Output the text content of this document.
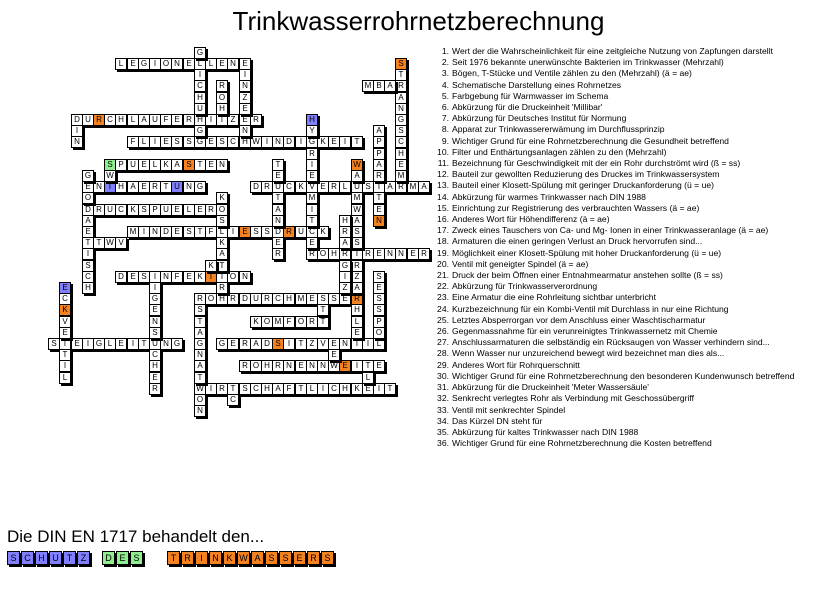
Trinkwasserrohrnetzberechnung
L E G I O N E L L E N
D U R C H L A U F E R H I T Z E R
F L I E S S G E S C H W I N D I G K E I	T
S P U E L K A S T E N
E N T H A E R T U N G	D R U C K V E R L U S T A R M A
D R U C K S P U E L E R
M I N D E S T F L I	E S S D R U C K
R O H R T R E N N E R
D E S I N F E K T I O N
R O H R D U R C H M E S S E R
K O M F O R T
S T E I G L E	I T U N G	G E R A D S I	T Z V E N T I L
R O H R N E N N W E	I T E
W I R T S C H A F T L I C H K E I T
G
I
C
H
U
G
E
I
N
Z
E
N
R
O
H
H
Y
S
T
R
A
N
G
S
C
H
E
M
M B A
A
P
P
A
R
T
E
N
W
A
M
W
A
S
S
R
Z
A
H
L
E
I
N
G
O
A
E
T
I
S
C
H
W
T W V
E
C
K
V
E
T
I
L
I
G
E
N
S
C
H
E
R
S
T
A
G
N
A
T
O
N
K
O
S
K
A
T
R
K
C
T
E
T
A
N
E
R
R
I
E
M
I
T
E
T
H
R
A
G
I
Z
E
L
S
E
S
S
P
O
1. Wert der die Wahrscheinlichkeit für eine zeitgleiche Nutzung von Zapfungen darstellt
2. Seit 1976 bekannte unerwünschte Bakterien im Trinkwasser (Mehrzahl)
3. Bögen, T-Stücke und Ventile zählen zu den (Mehrzahl) (ä = ae)
4. Schematische Darstellung eines Rohrnetzes
5. Farbgebung für Warmwasser im Schema
6. Abkürzung für die Druckeinheit 'Millibar'
7. Abkürzung für Deutsches Institut für Normung
8. Apparat zur Trinkwassererwämung im Durchflussprinzip
9. Wichtiger Grund für eine Rohrnetzberechnung die Gesundheit betreffend
10. Filter und Enthärtungsanlagen zählen zu den (Mehrzahl)
11. Bezeichnung für Geschwindigkeit mit der ein Rohr durchströmt wird (ß = ss)
12. Bauteil zur gewollten Reduzierung des Druckes im Trinkwassersystem
13. Bauteil einer Klosett-Spülung mit geringer Druckanforderung (ü = ue)
14. Abkürzung für warmes Trinkwasser nach DIN 1988
15. Einrichtung zur Registrierung des verbrauchten Wassers (ä = ae)
16. Anderes Wort für Höhendifferenz (ä = ae)
17. Zweck eines Tauschers von Ca- und Mg- Ionen in einer Trinkwasseranlage (ä = ae)
18. Armaturen die einen geringen Verlust an Druck hervorrufen sind...
19. Möglichkeit einer Klosett-Spülung mit hoher Druckanforderung (ü = ue)
20. Ventil mit geneigter Spindel (ä = ae)
21. Druck der beim Öffnen einer Entnahmearmatur anstehen sollte (ß = ss)
22. Abkürzung für Trinkwasserverordnung
23. Eine Armatur die eine Rohrleitung sichtbar unterbricht
24. Kurzbezeichnung für ein Kombi-Ventil mit Durchlass in nur eine Richtung
25. Letztes Absperrorgan vor dem Anschluss einer Waschtischarmatur
26. Gegenmassnahme für ein verunreinigtes Trinkwassernetz mit Chemie
27. Anschlussarmaturen die selbständig ein Rücksaugen von Wasser verhindern sind...
28. Wenn Wasser nur unzureichend bewegt wird bezeichnet man dies als...
29. Anderes Wort für Rohrquerschnitt
30. Wichtiger Grund für eine Rohrnetzberechnung den besonderen Kundenwunsch betreffend
31. Abkürzung für die Druckeinheit 'Meter Wassersäule'
32. Senkrecht verlegtes Rohr als Verbindung mit Geschossübergriff
33. Ventil mit senkrechter Spindel
34. Das Kürzel DN steht für
35. Abkürzung für kaltes Trinkwasser nach DIN 1988
36. Wichtiger Grund für eine Rohrnetzberechnung die Kosten betreffend
Die DIN EN 1717 behandelt den...
S C H U T Z	D E S	T R	I	N K W A S S E R S
